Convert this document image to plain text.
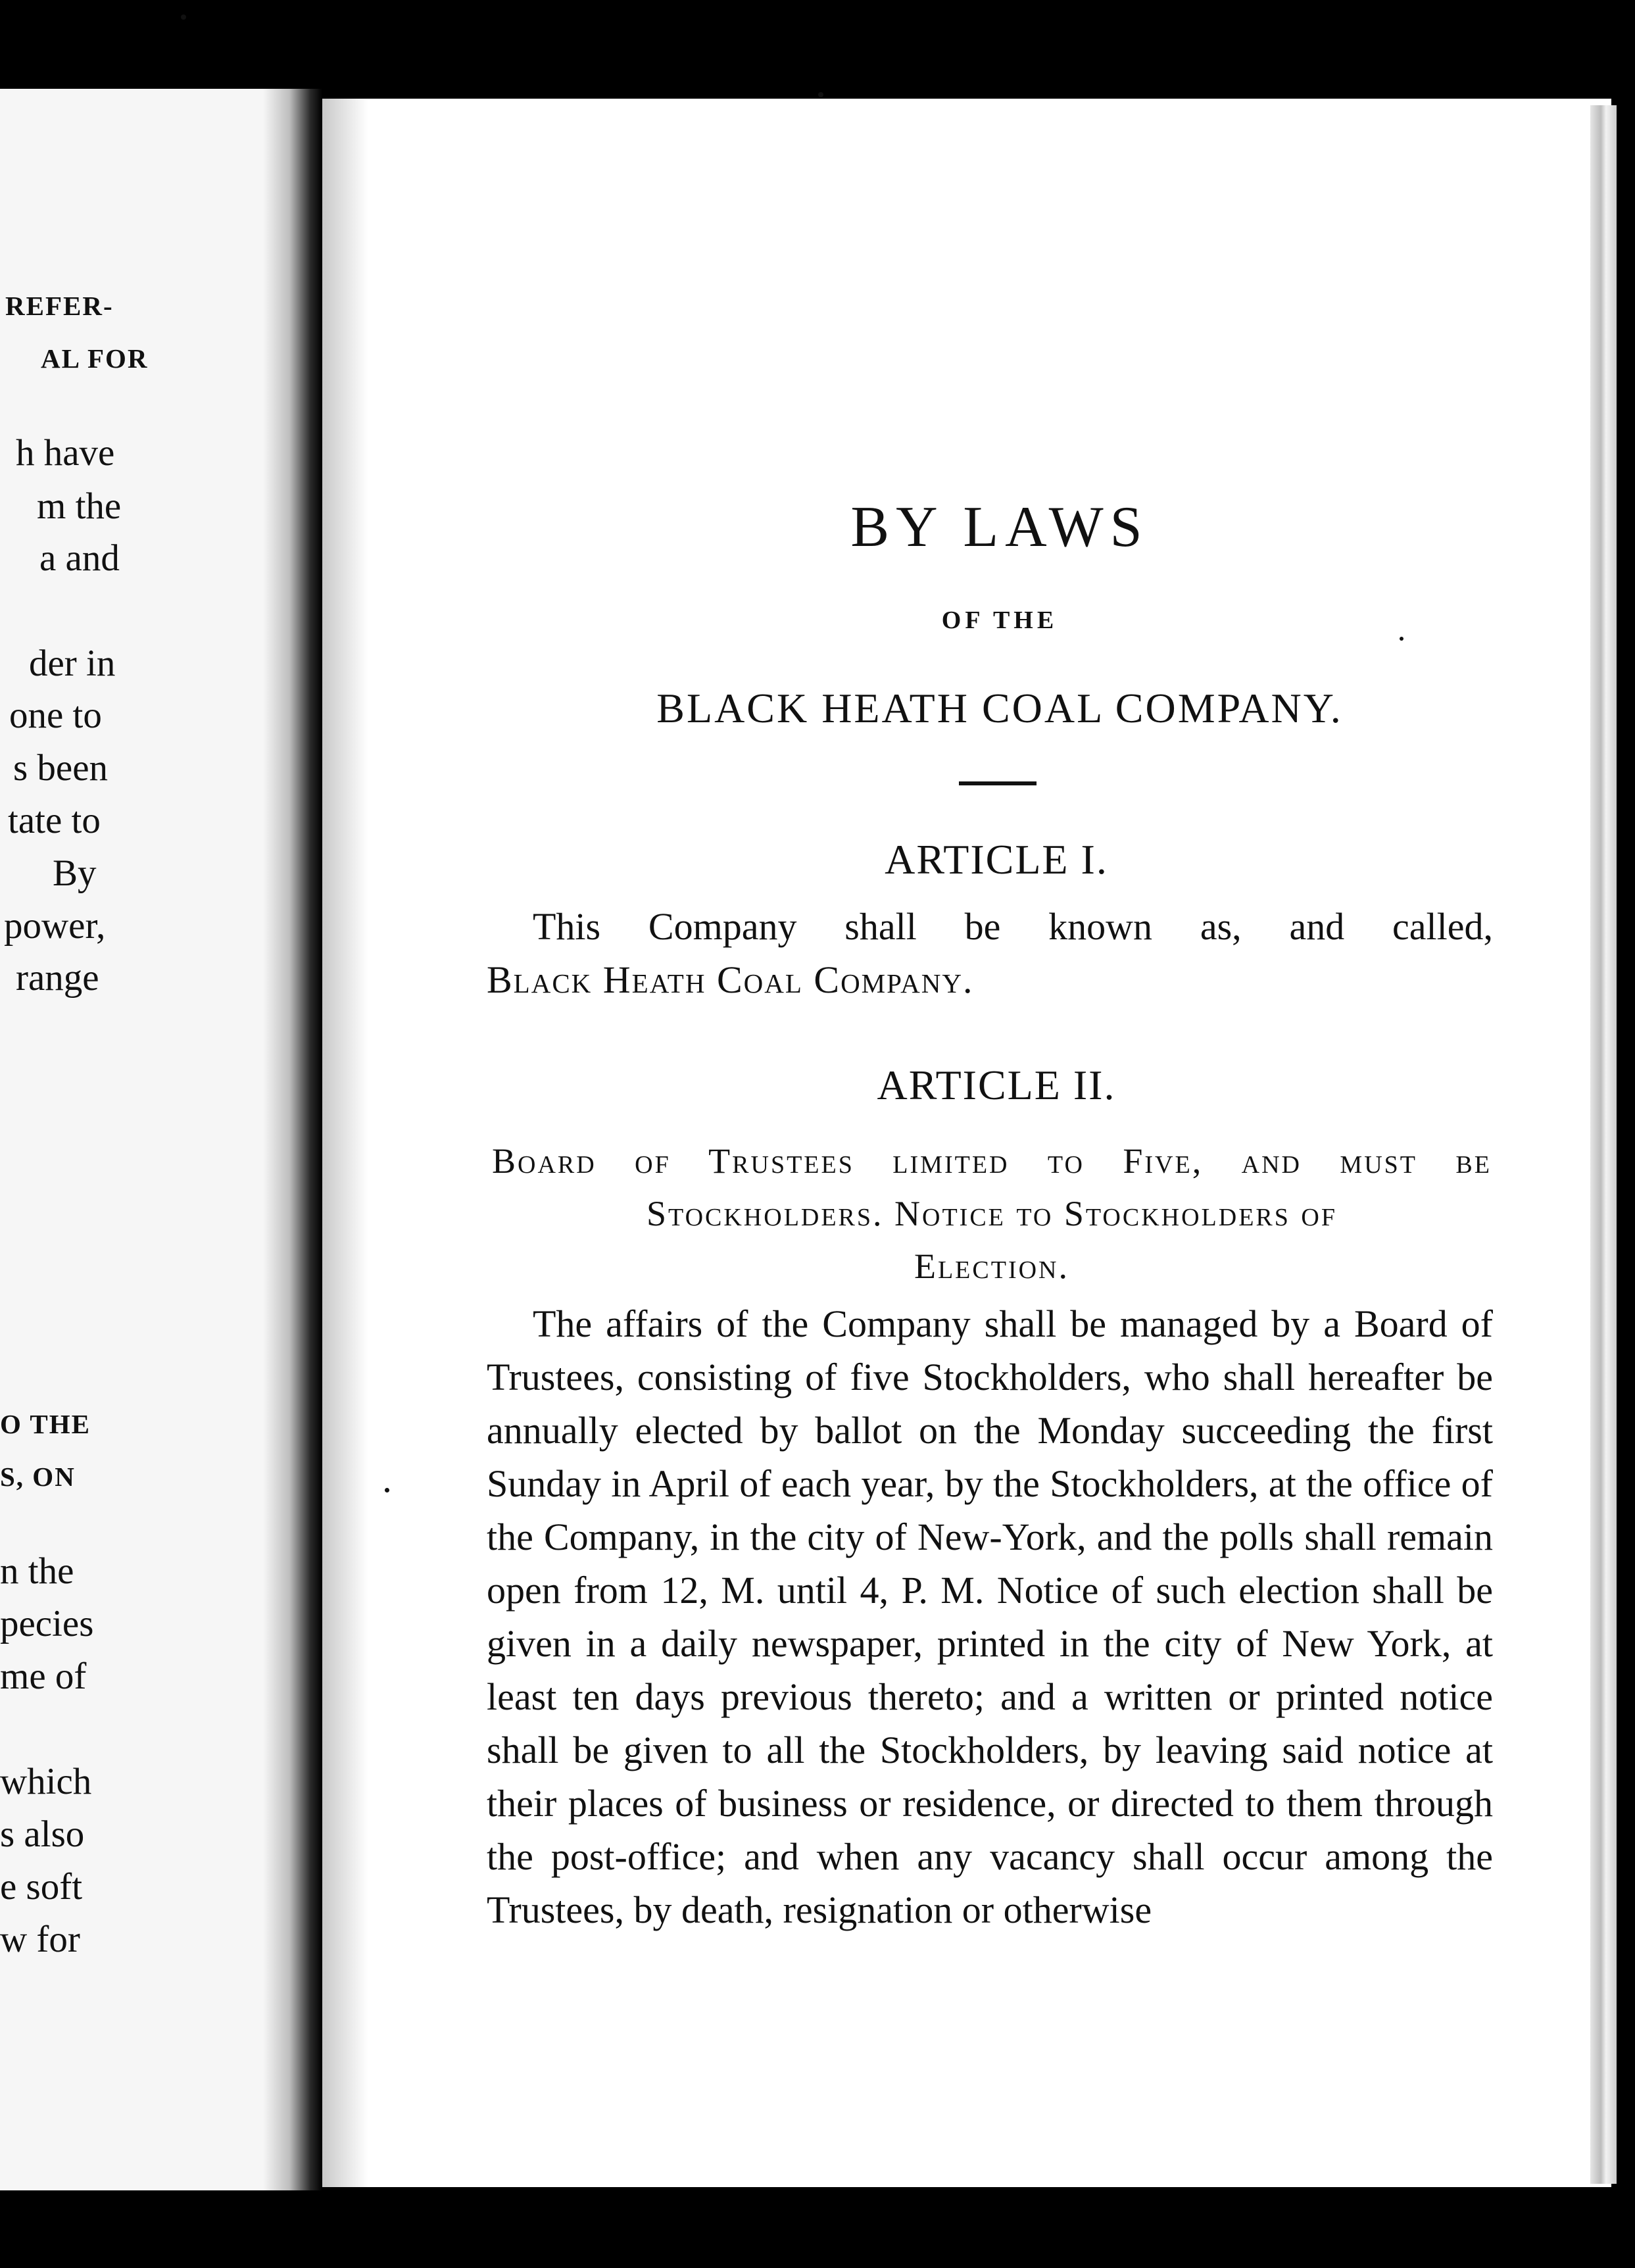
REFER-
AL FOR
h have
m the
a and
der in
one to
s been
tate to
By
power,
range
O THE
S, ON
n the
pecies
me of
which
s also
e soft
w for
BY LAWS
OF THE
BLACK HEATH COAL COMPANY.
ARTICLE I.
This Company shall be known as, and called,
Black Heath Coal Company.
ARTICLE II.
Board of Trustees limited to Five, and must be
Stockholders. Notice to Stockholders of
Election.
The affairs of the Company shall be managed by a Board of Trustees, consisting of five Stockholders, who shall hereafter be annually elected by ballot on the Monday succeeding the first Sunday in April of each year, by the Stockholders, at the office of the Company, in the city of New-York, and the polls shall remain open from 12, M. until 4, P. M. Notice of such election shall be given in a daily newspaper, printed in the city of New York, at least ten days previous thereto; and a written or printed notice shall be given to all the Stockholders, by leaving said notice at their places of business or residence, or directed to them through the post-office; and when any vacancy shall occur among the Trustees, by death, resignation or otherwise
